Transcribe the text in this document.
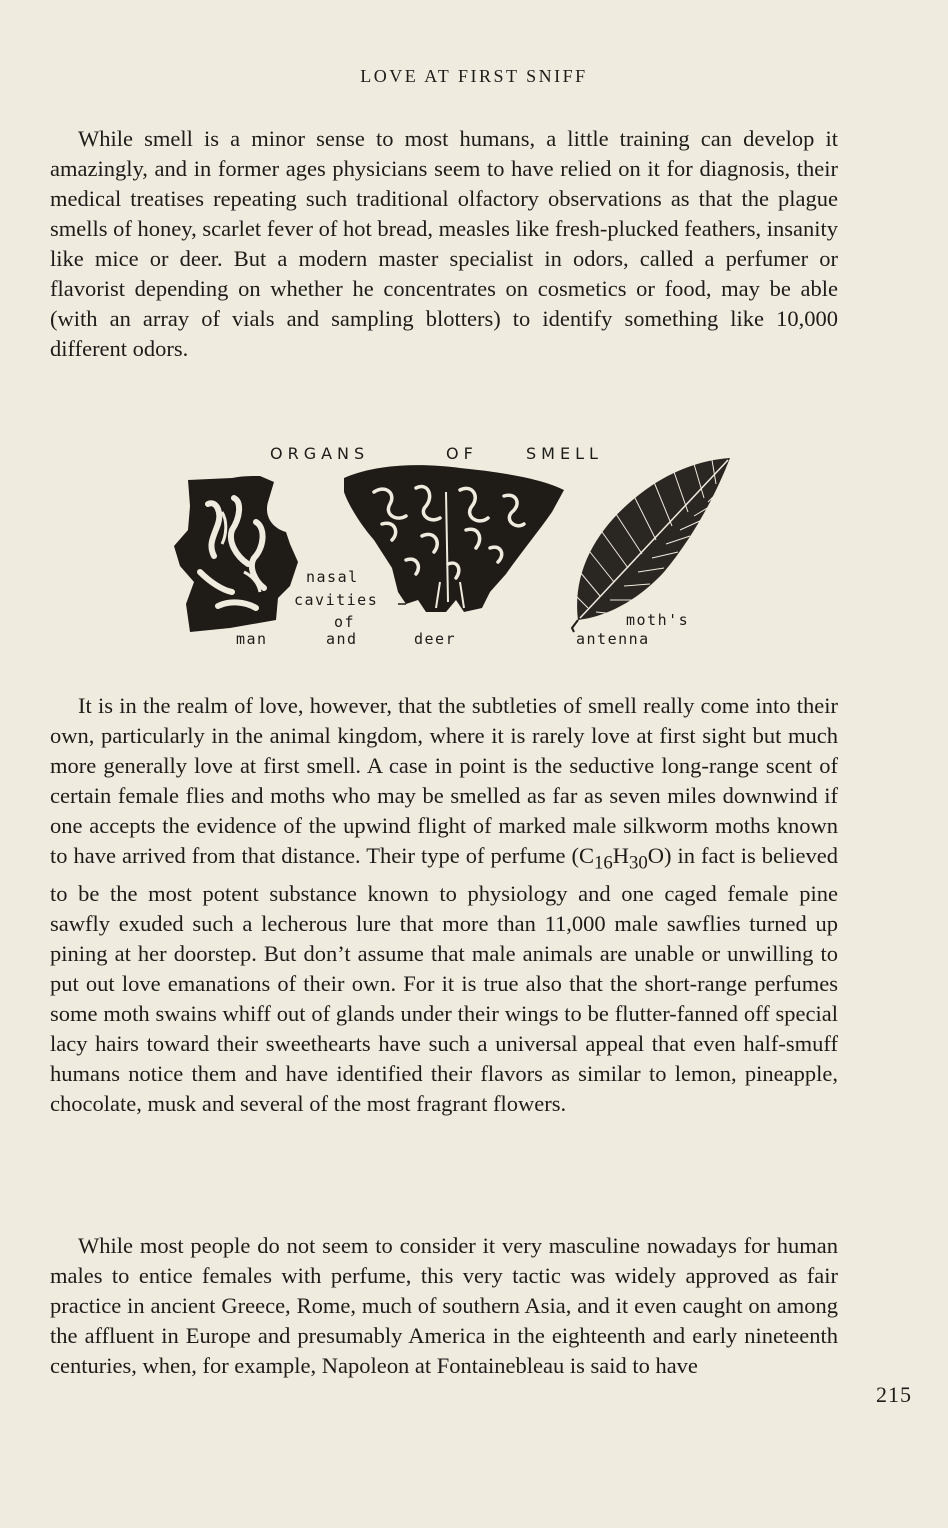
LOVE AT FIRST SNIFF

While smell is a minor sense to most humans, a little training can develop it amazingly, and in former ages physicians seem to have relied on it for diagnosis, their medical treatises repeating such traditional olfactory observations as that the plague smells of honey, scarlet fever of hot bread, measles like fresh-plucked feathers, insanity like mice or deer. But a modern master specialist in odors, called a perfumer or flavorist depending on whether he concentrates on cosmetics or food, may be able (with an array of vials and sampling blotters) to identify something like 10,000 different odors.

ORGANS	OF	SMELL
nasal
cavities
of
man	and	deer
moth's
antenna

It is in the realm of love, however, that the subtleties of smell really come into their own, particularly in the animal kingdom, where it is rarely love at first sight but much more generally love at first smell. A case in point is the seductive long-range scent of certain female flies and moths who may be smelled as far as seven miles downwind if one accepts the evidence of the upwind flight of marked male silkworm moths known to have arrived from that distance. Their type of perfume $(C_{16}H_{30}O)$ in fact is believed to be the most potent substance known to physiology and one caged female pine sawfly exuded such a lecherous lure that more than 11,000 male sawflies turned up pining at her doorstep. But don’t assume that male animals are unable or unwilling to put out love emanations of their own. For it is true also that the short-range perfumes some moth swains whiff out of glands under their wings to be flutter-fanned off special lacy hairs toward their sweethearts have such a universal appeal that even half-smuff humans notice them and have identified their flavors as similar to lemon, pineapple, chocolate, musk and several of the most fragrant flowers.

While most people do not seem to consider it very masculine nowadays for human males to entice females with perfume, this very tactic was widely approved as fair practice in ancient Greece, Rome, much of southern Asia, and it even caught on among the affluent in Europe and presumably America in the eighteenth and early nineteenth centuries, when, for example, Napoleon at Fontainebleau is said to have

215
